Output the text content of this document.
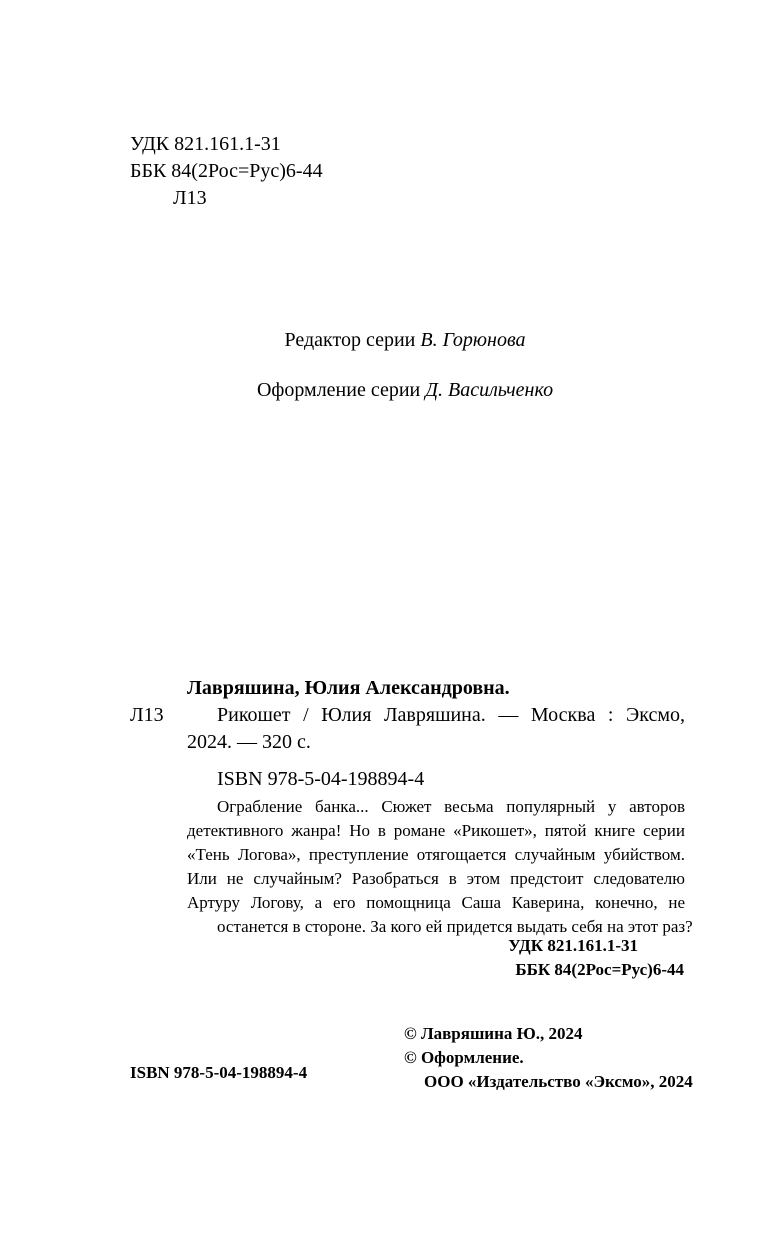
УДК 821.161.1-31
ББК 84(2Рос=Рус)6-44
Л13
Редактор серии В. Горюнова
Оформление серии Д. Васильченко
Лавряшина, Юлия Александровна.
Л13	Рикошет / Юлия Лавряшина. — Москва : Эксмо,
2024. — 320 с.
ISBN 978-5-04-198894-4
Ограбление банка... Сюжет весьма популярный у авторов
детективного жанра! Но в романе «Рикошет», пятой книге серии
«Тень Логова», преступление отягощается случайным убийством.
Или не случайным? Разобраться в этом предстоит следователю
Артуру Логову, а его помощница Саша Каверина, конечно, не
останется в стороне. За кого ей придется выдать себя на этот раз?
УДК 821.161.1-31
ББК 84(2Рос=Рус)6-44
© Лавряшина Ю., 2024
© Оформление.
ООО «Издательство «Эксмо», 2024
ISBN 978-5-04-198894-4
